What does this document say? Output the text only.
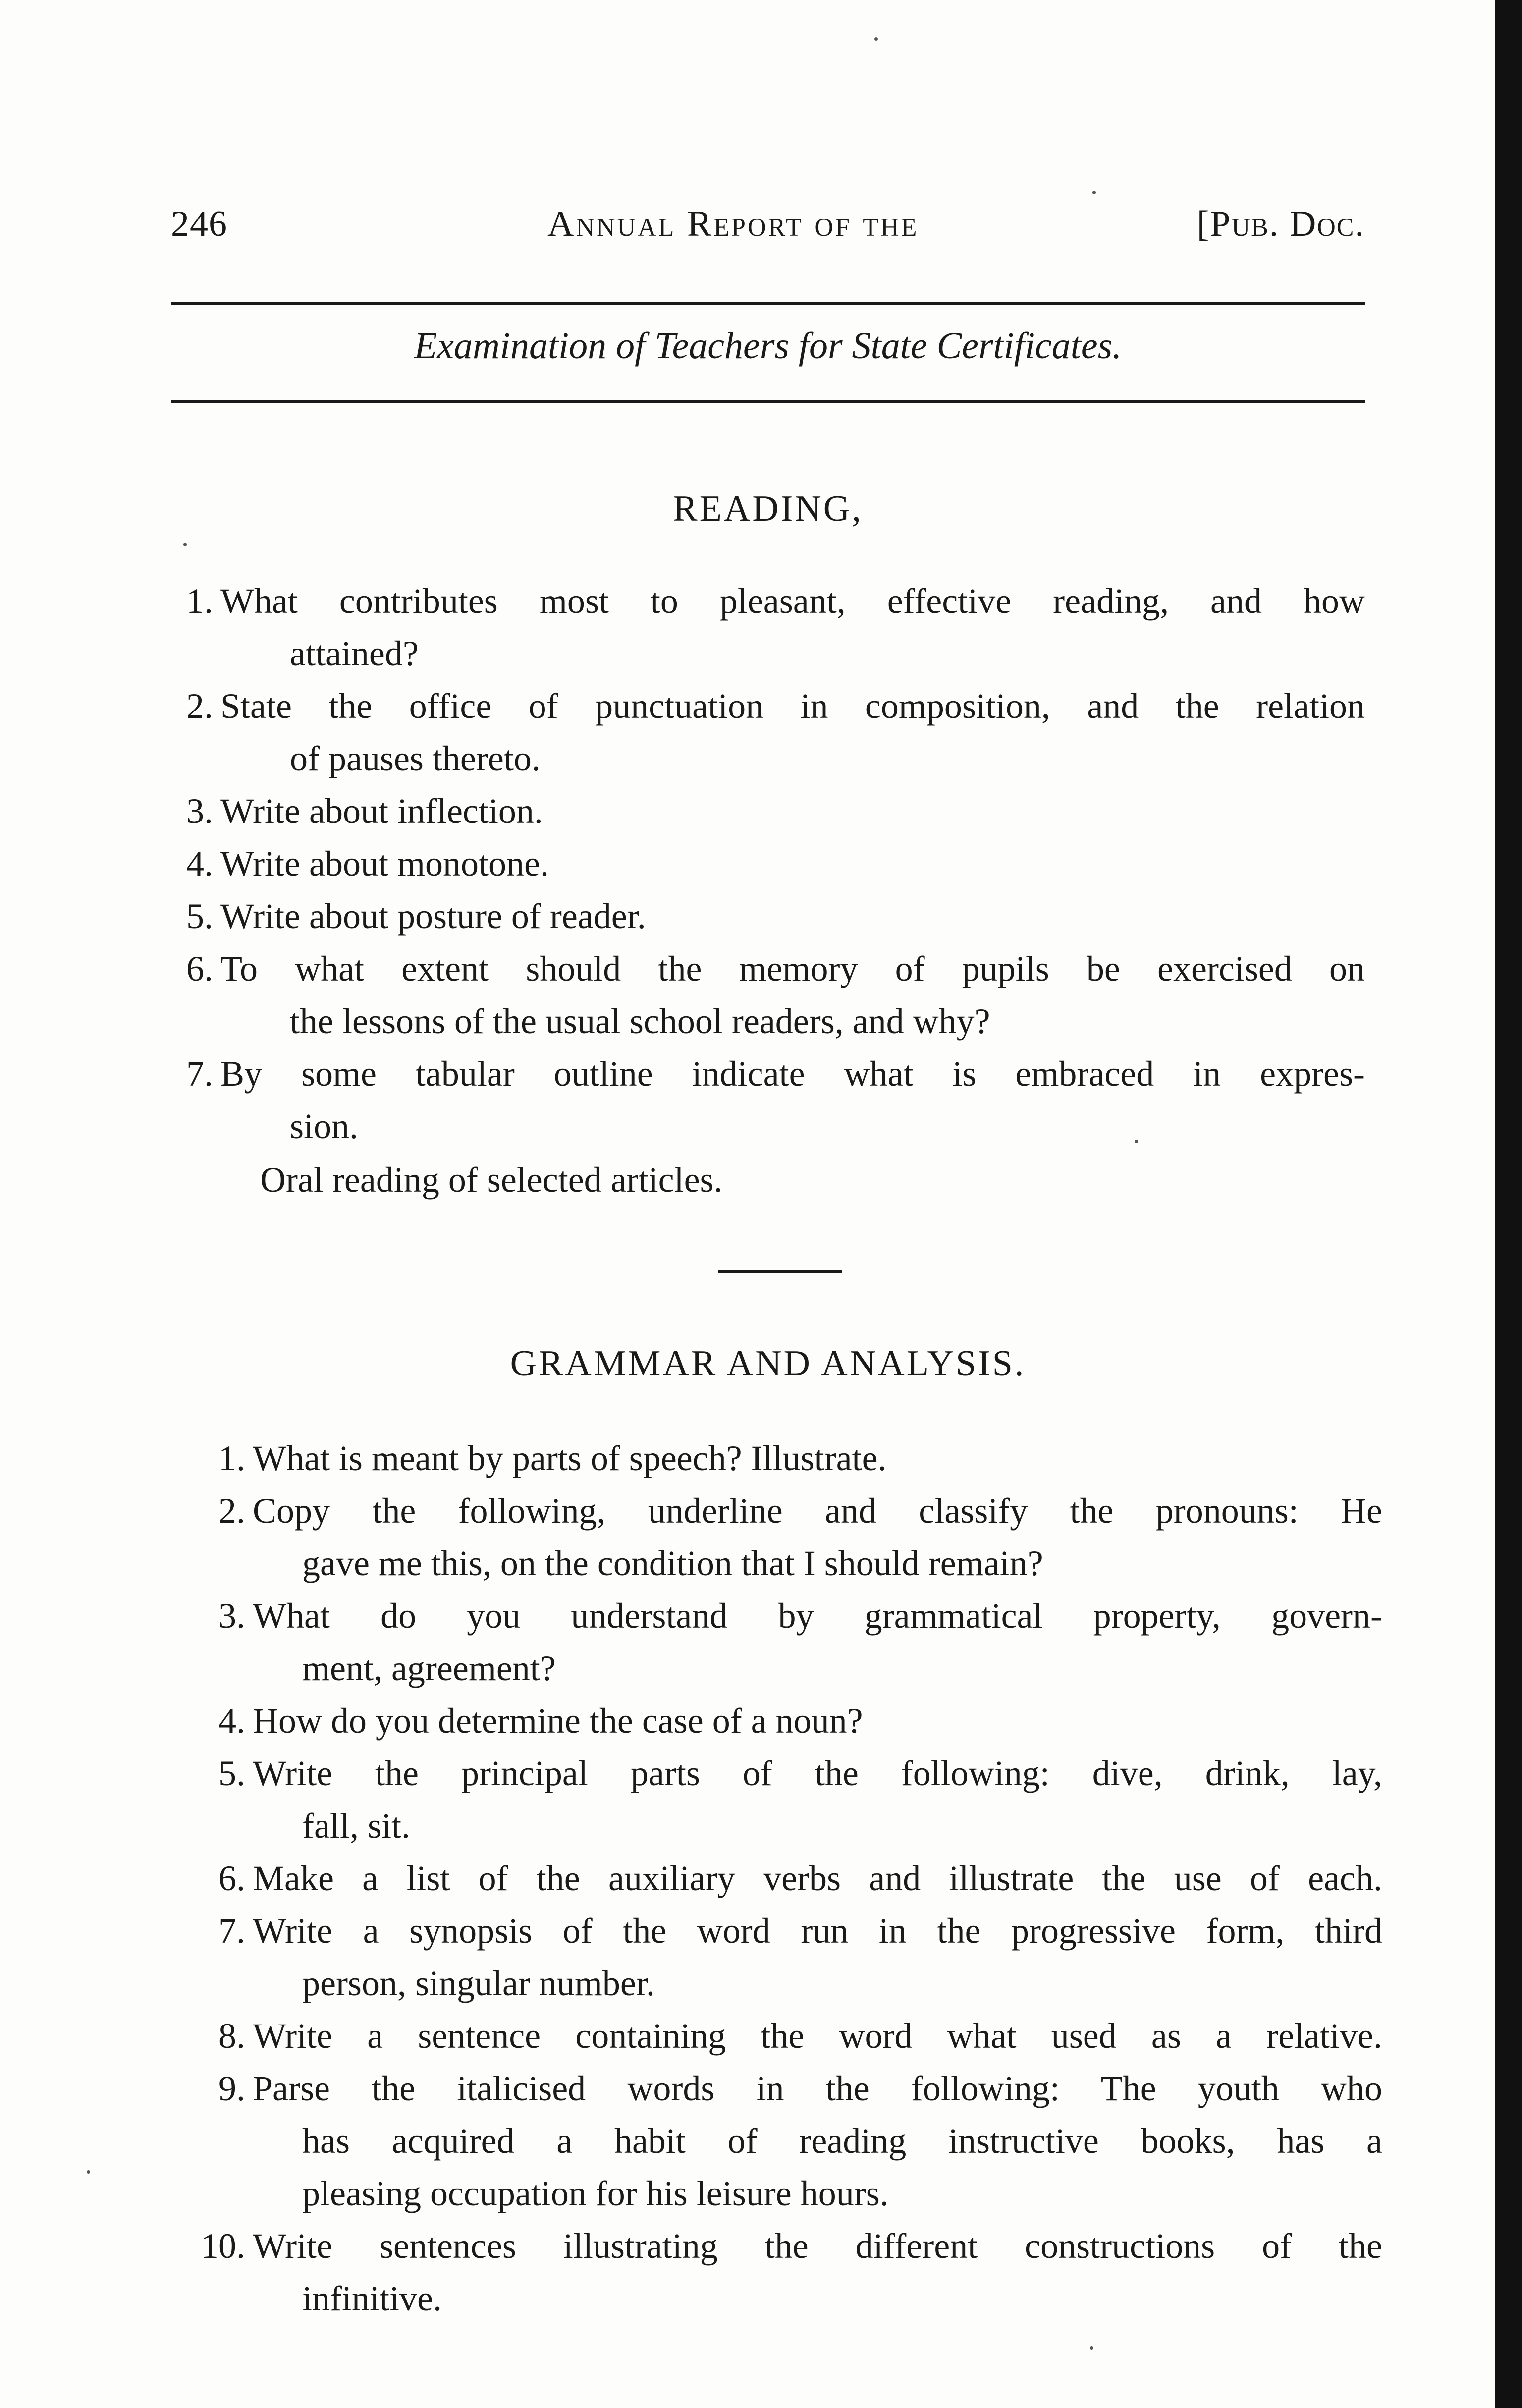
246	Annual Report of the	[Pub. Doc.
Examination of Teachers for State Certificates.
READING,
1. What contributes most to pleasant, effective reading, and how
attained?
2. State the office of punctuation in composition, and the relation
of pauses thereto.
3. Write about inflection.
4. Write about monotone.
5. Write about posture of reader.
6. To what extent should the memory of pupils be exercised on
the lessons of the usual school readers, and why?
7. By some tabular outline indicate what is embraced in expres-
sion.
Oral reading of selected articles.
GRAMMAR AND ANALYSIS.
1. What is meant by parts of speech? Illustrate.
2. Copy the following, underline and classify the pronouns: He
gave me this, on the condition that I should remain?
3. What do you understand by grammatical property, govern-
ment, agreement?
4. How do you determine the case of a noun?
5. Write the principal parts of the following: dive, drink, lay,
fall, sit.
6. Make a list of the auxiliary verbs and illustrate the use of each.
7. Write a synopsis of the word run in the progressive form, third
person, singular number.
8. Write a sentence containing the word what used as a relative.
9. Parse the italicised words in the following: The youth who
has acquired a habit of reading instructive books, has a
pleasing occupation for his leisure hours.
10. Write sentences illustrating the different constructions of the
infinitive.
